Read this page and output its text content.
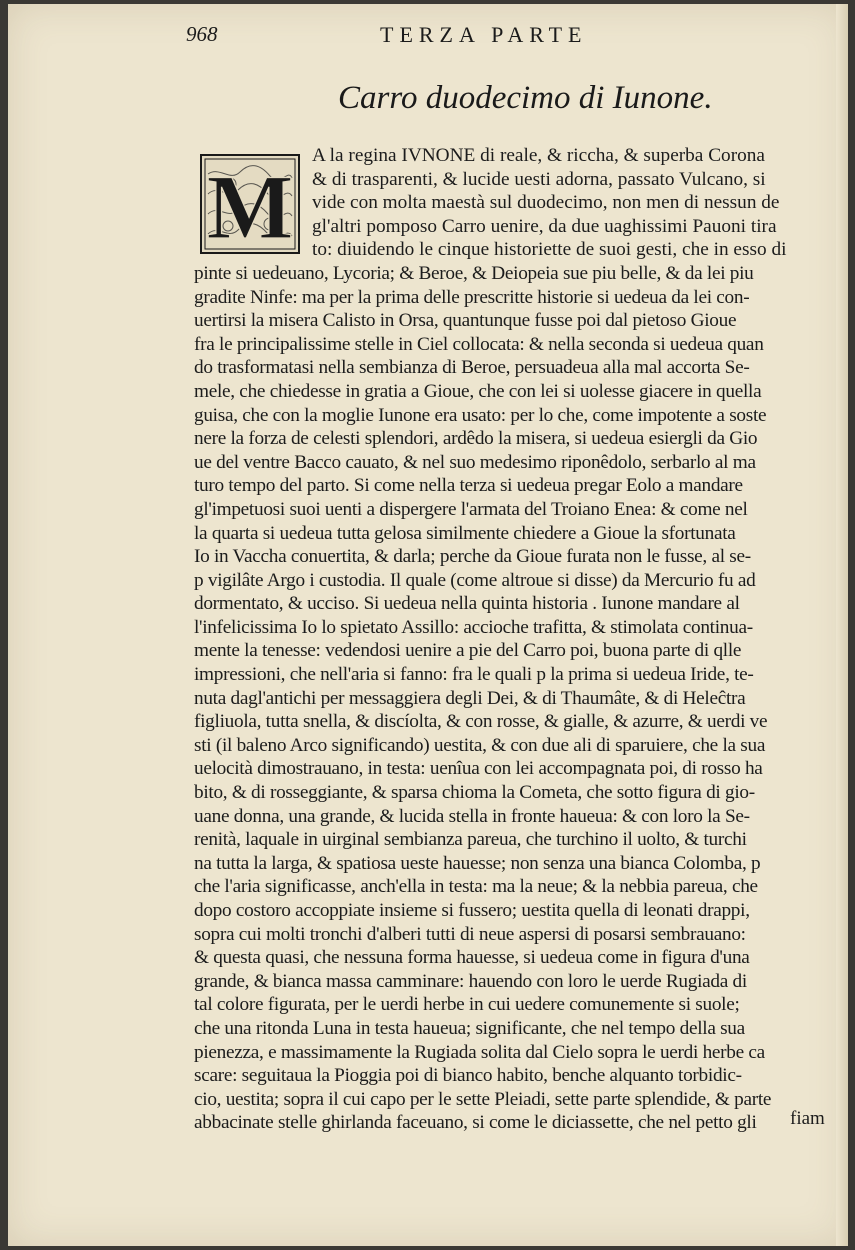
968	TERZA PARTE
Carro duodecimo di Iunone.
M
A la regina IVNONE di reale, & riccha, & superba Corona
& di trasparenti, & lucide uesti adorna, passato Vulcano, si
vide con molta maestà sul duodecimo, non men di nessun de
gl'altri pomposo Carro uenire, da due uaghissimi Pauoni tira
to: diuidendo le cinque historiette de suoi gesti, che in esso di
pinte si uedeuano, Lycoria; & Beroe, & Deiopeia sue piu belle, & da lei piu
gradite Ninfe: ma per la prima delle prescritte historie si uedeua da lei con-
uertirsi la misera Calisto in Orsa, quantunque fusse poi dal pietoso Gioue
fra le principalissime stelle in Ciel collocata: & nella seconda si uedeua quan
do trasformatasi nella sembianza di Beroe, persuadeua alla mal accorta Se-
mele, che chiedesse in gratia a Gioue, che con lei si uolesse giacere in quella
guisa, che con la moglie Iunone era usato: per lo che, come impotente a soste
nere la forza de celesti splendori, ardêdo la misera, si uedeua esiergli da Gio
ue del ventre Bacco cauato, & nel suo medesimo riponêdolo, serbarlo al ma
turo tempo del parto. Si come nella terza si uedeua pregar Eolo a mandare
gl'impetuosi suoi uenti a dispergere l'armata del Troiano Enea: & come nel
la quarta si uedeua tutta gelosa similmente chiedere a Gioue la sfortunata
Io in Vaccha conuertita, & darla; perche da Gioue furata non le fusse, al se-
p vigilâte Argo i custodia. Il quale (come altroue si disse) da Mercurio fu ad
dormentato, & ucciso. Si uedeua nella quinta historia . Iunone mandare al
l'infelicissima Io lo spietato Assillo: accioche trafitta, & stimolata continua-
mente la tenesse: vedendosi uenire a pie del Carro poi, buona parte di qlle
impressioni, che nell'aria si fanno: fra le quali p la prima si uedeua Iride, te-
nuta dagl'antichi per messaggiera degli Dei, & di Thaumâte, & di Heleĉtra
figliuola, tutta snella, & discíolta, & con rosse, & gialle, & azurre, & uerdi ve
sti (il baleno Arco significando) uestita, & con due ali di sparuiere, che la sua
uelocità dimostrauano, in testa: uenîua con lei accompagnata poi, di rosso ha
bito, & di rosseggiante, & sparsa chioma la Cometa, che sotto figura di gio-
uane donna, una grande, & lucida stella in fronte haueua: & con loro la Se-
renità, laquale in uirginal sembianza pareua, che turchino il uolto, & turchi
na tutta la larga, & spatiosa ueste hauesse; non senza una bianca Colomba, p
che l'aria significasse, anch'ella in testa: ma la neue; & la nebbia pareua, che
dopo costoro accoppiate insieme si fussero; uestita quella di leonati drappi,
sopra cui molti tronchi d'alberi tutti di neue aspersi di posarsi sembrauano:
& questa quasi, che nessuna forma hauesse, si uedeua come in figura d'una
grande, & bianca massa camminare: hauendo con loro le uerde Rugiada di
tal colore figurata, per le uerdi herbe in cui uedere comunemente si suole;
che una ritonda Luna in testa haueua; significante, che nel tempo della sua
pienezza, e massimamente la Rugiada solita dal Cielo sopra le uerdi herbe ca
scare: seguitaua la Pioggia poi di bianco habito, benche alquanto torbidic-
cio, uestita; sopra il cui capo per le sette Pleiadi, sette parte splendide, & parte
abbacinate stelle ghirlanda faceuano, si come le diciassette, che nel petto gli	fiam
